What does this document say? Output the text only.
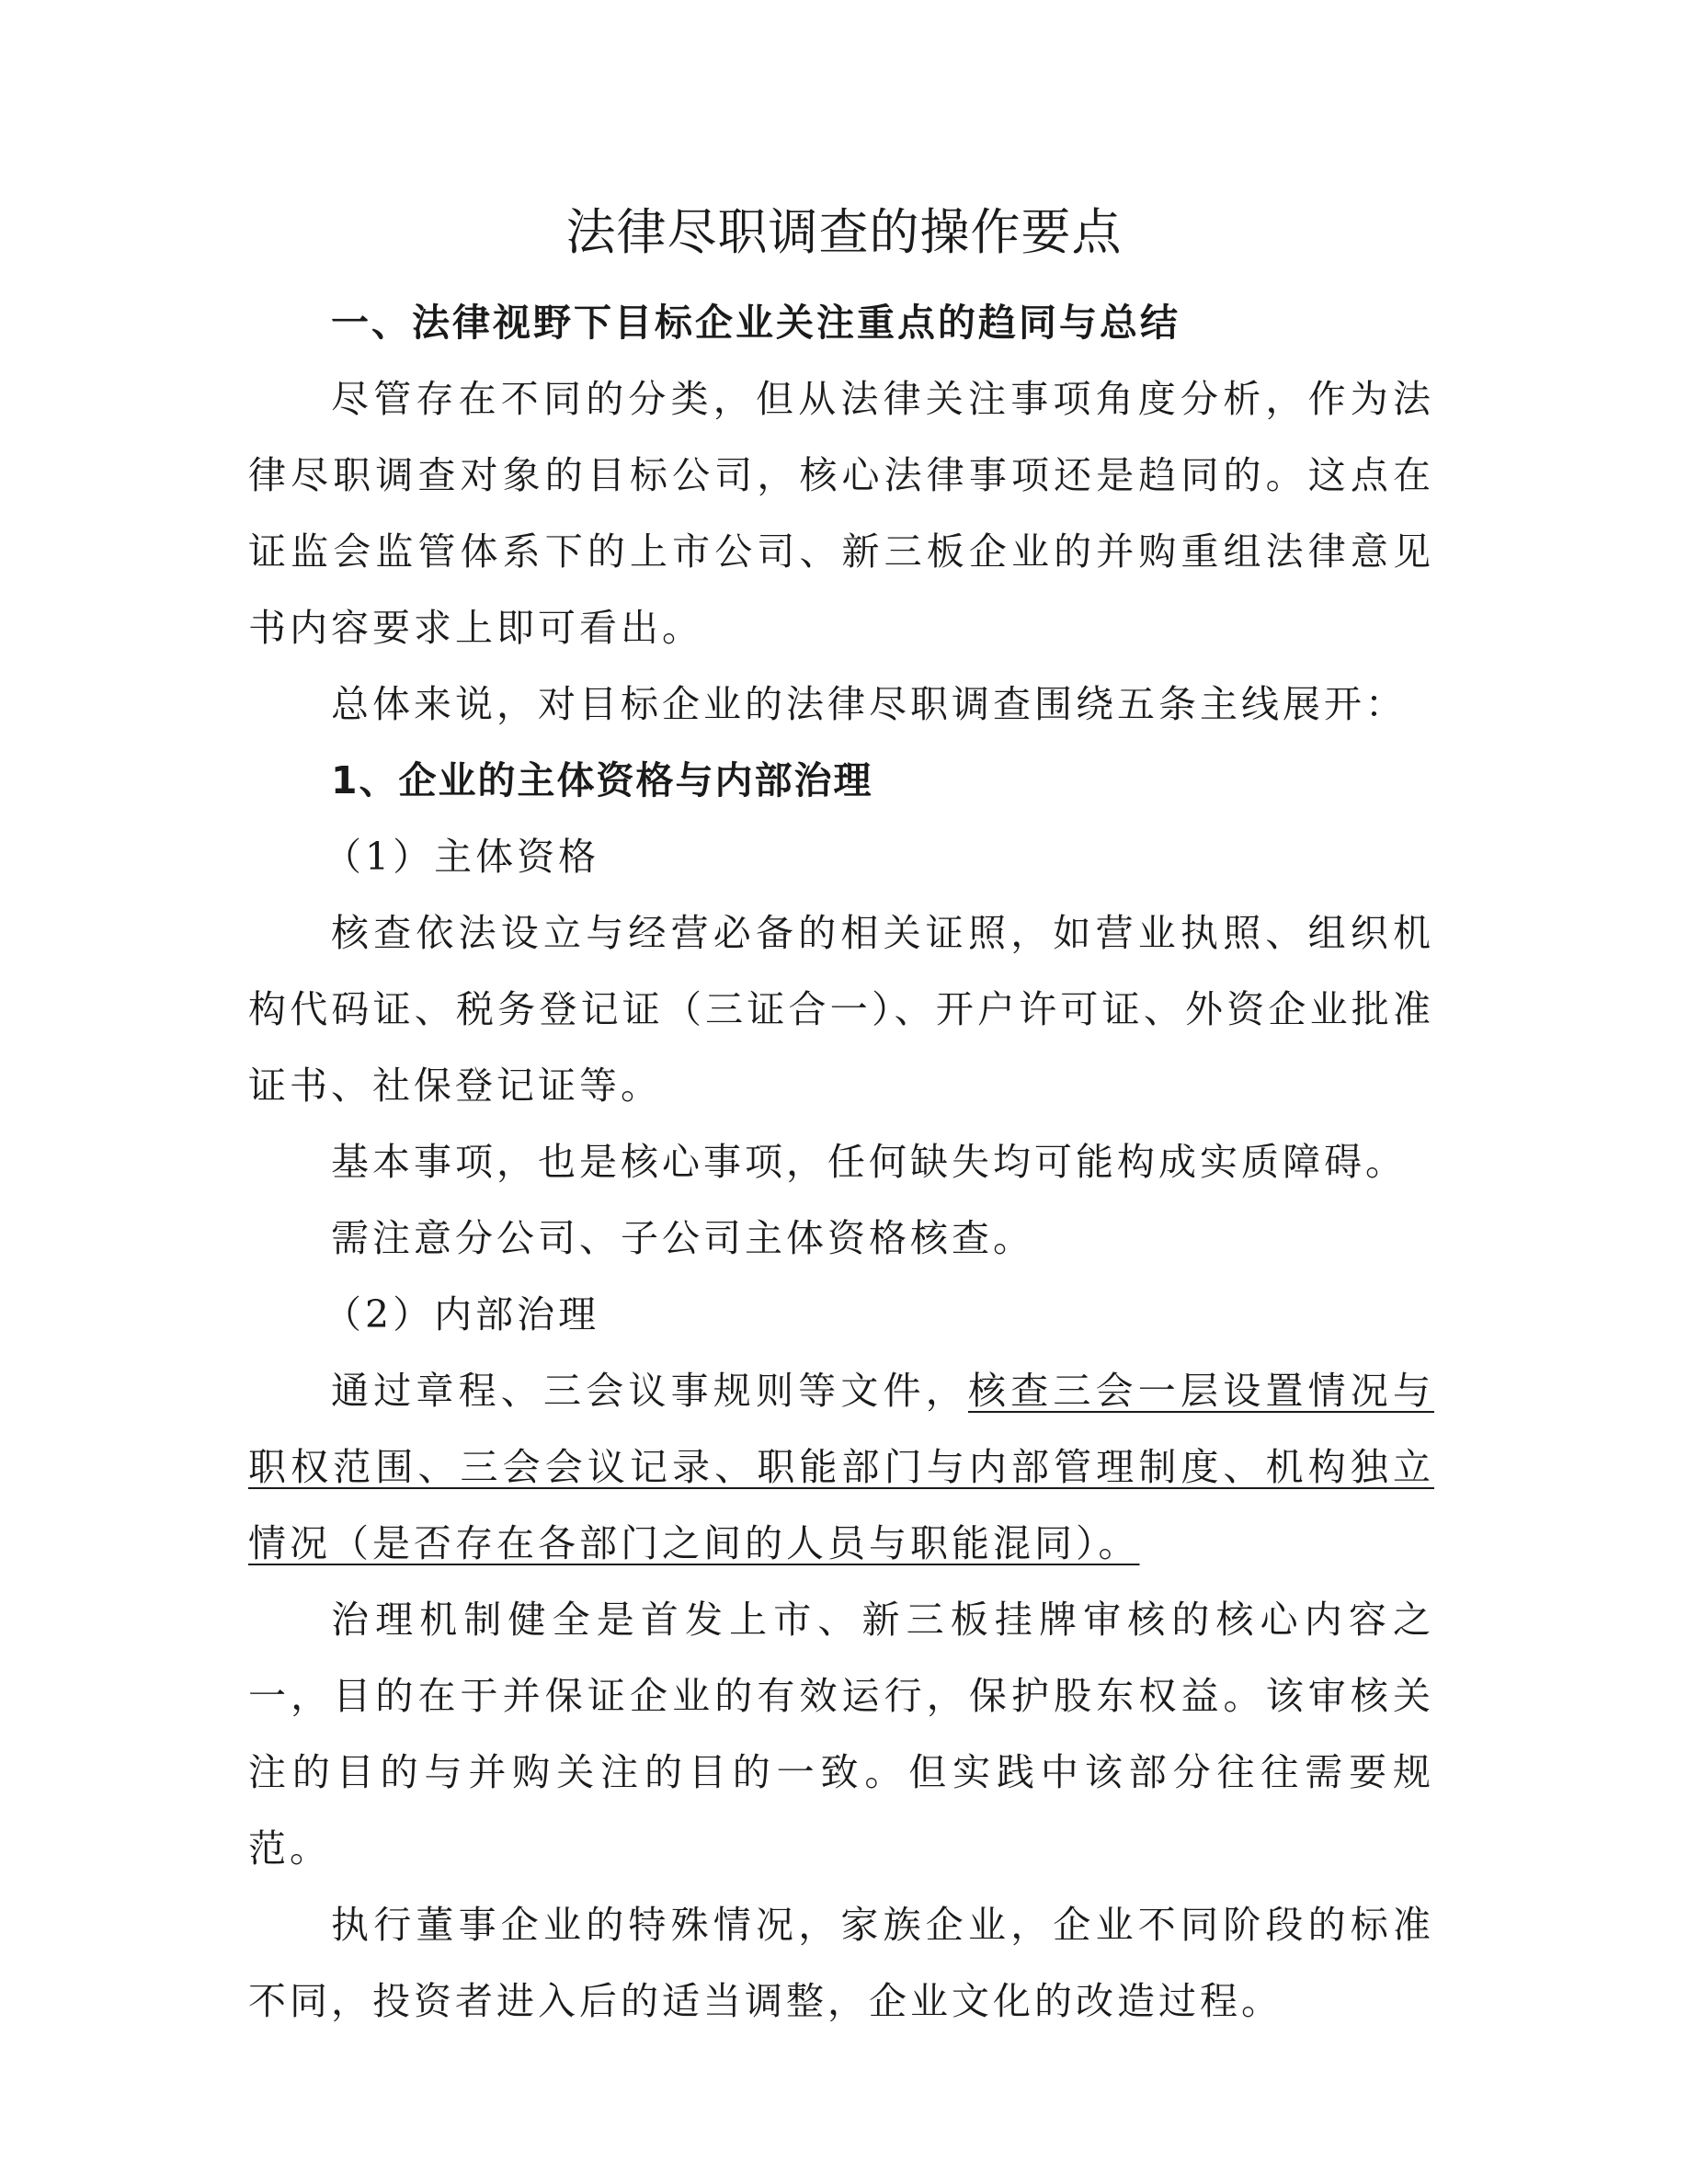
法律尽职调查的操作要点

一、法律视野下目标企业关注重点的趋同与总结

尽管存在不同的分类，但从法律关注事项角度分析，作为法律尽职调查对象的目标公司，核心法律事项还是趋同的。这点在证监会监管体系下的上市公司、新三板企业的并购重组法律意见书内容要求上即可看出。

总体来说，对目标企业的法律尽职调查围绕五条主线展开：

1、企业的主体资格与内部治理

（1）主体资格

核查依法设立与经营必备的相关证照，如营业执照、组织机构代码证、税务登记证（三证合一）、开户许可证、外资企业批准证书、社保登记证等。

基本事项，也是核心事项，任何缺失均可能构成实质障碍。

需注意分公司、子公司主体资格核查。

（2）内部治理

通过章程、三会议事规则等文件，核查三会一层设置情况与职权范围、三会会议记录、职能部门与内部管理制度、机构独立情况（是否存在各部门之间的人员与职能混同）。

治理机制健全是首发上市、新三板挂牌审核的核心内容之一，目的在于并保证企业的有效运行，保护股东权益。该审核关注的目的与并购关注的目的一致。但实践中该部分往往需要规范。

执行董事企业的特殊情况，家族企业，企业不同阶段的标准不同，投资者进入后的适当调整，企业文化的改造过程。
